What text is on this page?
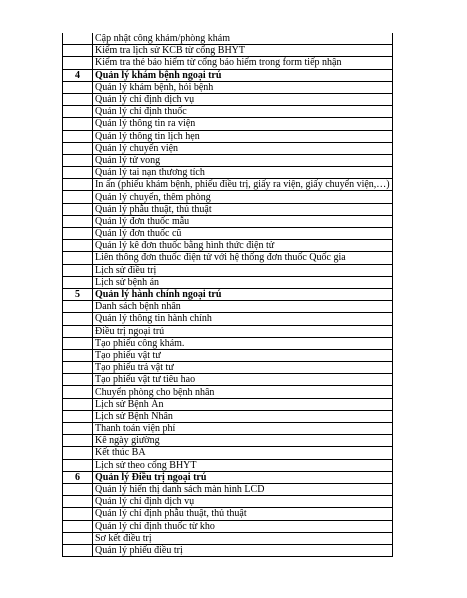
	Cập nhật công khám/phòng khám
	Kiểm tra lịch sử KCB từ cổng BHYT
	Kiểm tra thẻ bảo hiểm từ cổng bảo hiểm trong form tiếp nhận
4	Quản lý khám bệnh ngoại trú
	Quản lý khám bệnh, hỏi bệnh
	Quản lý chỉ định dịch vụ
	Quản lý chỉ định thuốc
	Quản lý thông tin ra viện
	Quản lý thông tin lịch hẹn
	Quản lý chuyển viện
	Quản lý tử vong
	Quản lý tai nạn thương tích
	In ấn (phiếu khám bệnh, phiếu điều trị, giấy ra viện, giấy chuyển viện,…)
	Quản lý chuyển, thêm phòng
	Quản lý phẫu thuật, thủ thuật
	Quản lý đơn thuốc mẫu
	Quản lý đơn thuốc cũ
	Quản lý kê đơn thuốc bằng hình thức điện tử
	Liên thông đơn thuốc điện tử với hệ thống đơn thuốc Quốc gia
	Lịch sử điều trị
	Lịch sử bệnh án
5	Quản lý hành chính ngoại trú
	Danh sách bệnh nhân
	Quản lý thông tin hành chính
	Điều trị ngoại trú
	Tạo phiếu công khám.
	Tạo phiếu vật tư
	Tạo phiếu trả vật tư
	Tạo phiếu vật tư tiêu hao
	Chuyển phòng cho bệnh nhân
	Lịch sử Bệnh Án
	Lịch sử Bệnh Nhân
	Thanh toán viện phí
	Kê ngày giường
	Kết thúc BA
	Lịch sử theo cổng BHYT
6	Quản lý Điều trị ngoại trú
	Quản lý hiển thị danh sách màn hình LCD
	Quản lý chỉ định dịch vụ
	Quản lý chỉ định phẫu thuật, thủ thuật
	Quản lý chỉ định thuốc từ kho
	Sơ kết điều trị
	Quản lý phiếu điều trị
